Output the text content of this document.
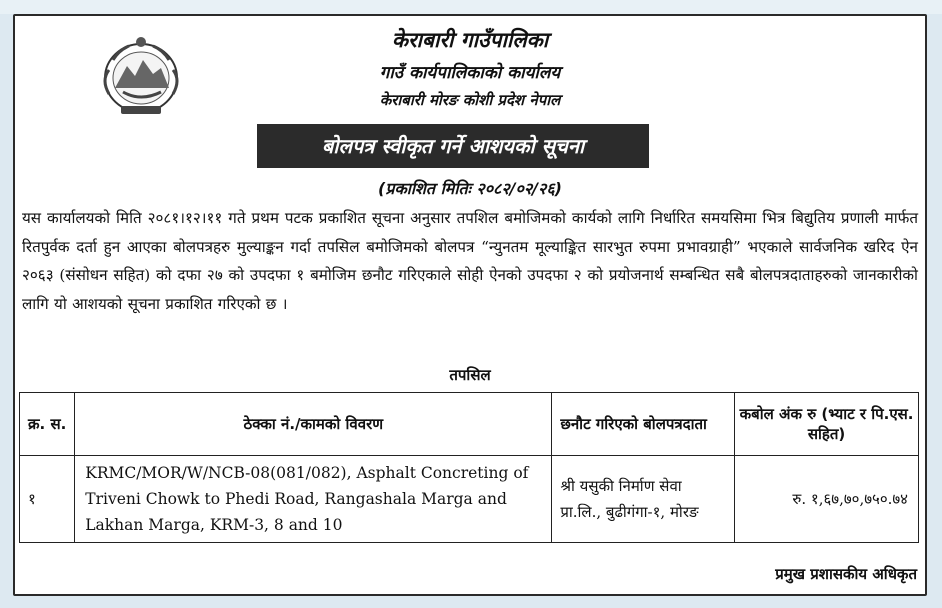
केराबारी गाउँपालिका
गाउँ कार्यपालिकाको कार्यालय
केराबारी मोरङ कोशी प्रदेश नेपाल
बोलपत्र स्वीकृत गर्ने आशयको सूचना
(प्रकाशित मितिः २०८२/०२/२६)
यस कार्यालयको मिति २०८१।१२।११ गते प्रथम पटक प्रकाशित सूचना अनुसार तपशिल बमोजिमको कार्यको लागि निर्धारित समयसिमा भित्र बिद्युतिय प्रणाली मार्फत रितपुर्वक दर्ता हुन आएका बोलपत्रहरु मुल्याङ्कन गर्दा तपसिल बमोजिमको बोलपत्र “न्युनतम मूल्याङ्कित सारभुत रुपमा प्रभावग्राही” भएकाले सार्वजनिक खरिद ऐन २०६३ (संसोधन सहित) को दफा २७ को उपदफा १ बमोजिम छनौट गरिएकाले सोही ऐनको उपदफा २ को प्रयोजनार्थ सम्बन्धित सबै बोलपत्रदाताहरुको जानकारीको लागि यो आशयको सूचना प्रकाशित गरिएको छ ।
तपसिल
क्र. स.	ठेक्का नं./कामको विवरण	छनौट गरिएको बोलपत्रदाता	कबोल अंक रु (भ्याट र पि.एस. सहित)
१	KRMC/MOR/W/NCB-08(081/082), Asphalt Concreting of Triveni Chowk to Phedi Road, Rangashala Marga and Lakhan Marga, KRM-3, 8 and 10	श्री यसुकी निर्माण सेवा प्रा.लि., बुढीगंगा-१, मोरङ	रु. १,६७,७०,७५०.७४
प्रमुख प्रशासकीय अधिकृत
